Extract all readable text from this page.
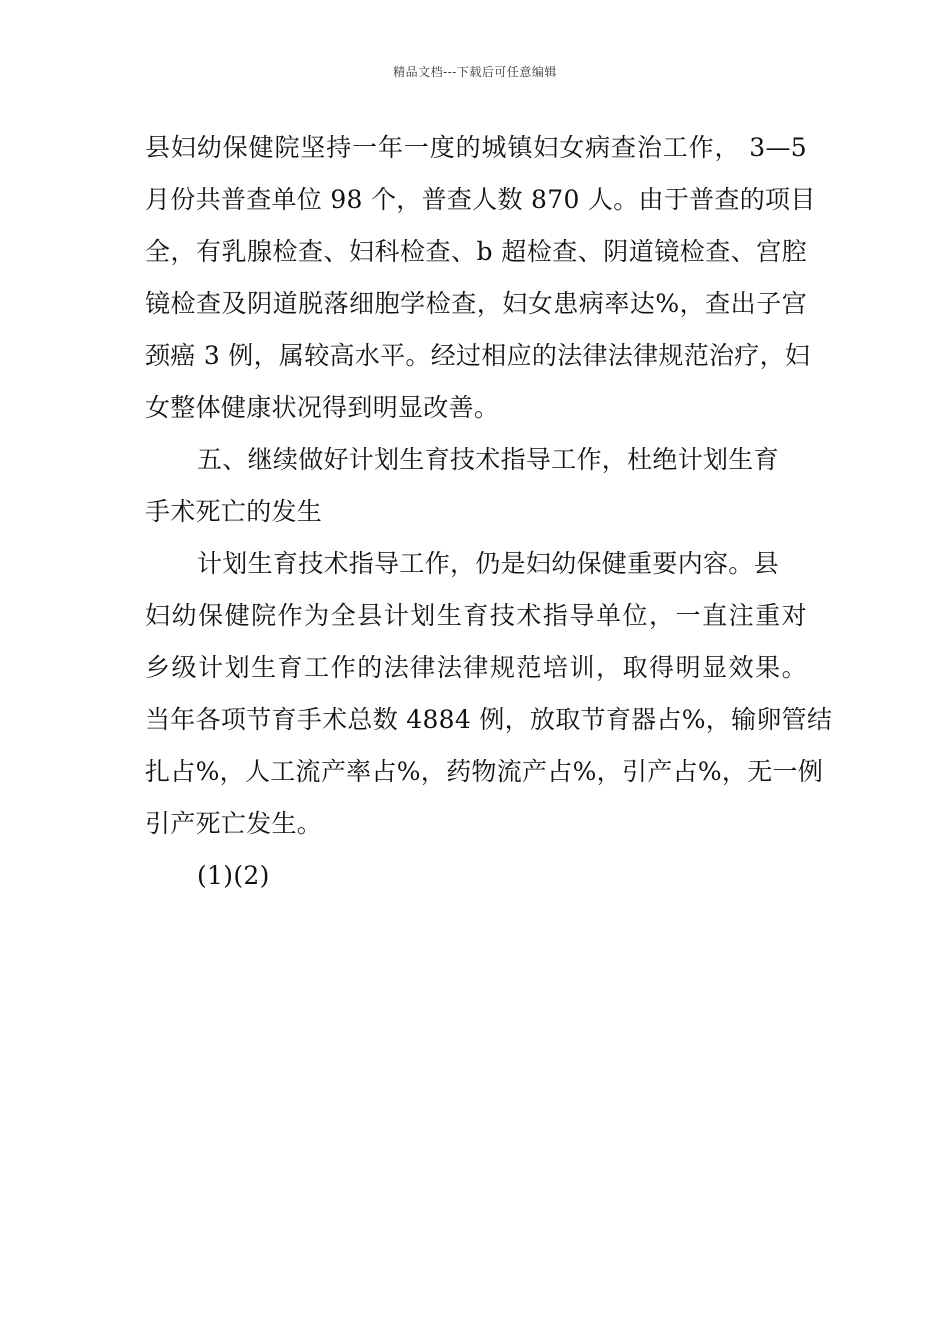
精品文档---下载后可任意编辑
县妇幼保健院坚持一年一度的城镇妇女病查治工作， 3—5
月份共普查单位 98 个，普查人数 870 人。由于普查的项目
全，有乳腺检查、妇科检查、b 超检查、阴道镜检查、宫腔
镜检查及阴道脱落细胞学检查，妇女患病率达%，查出子宫
颈癌 3 例，属较高水平。经过相应的法律法律规范治疗，妇
女整体健康状况得到明显改善。
五、继续做好计划生育技术指导工作，杜绝计划生育
手术死亡的发生
计划生育技术指导工作，仍是妇幼保健重要内容。县
妇幼保健院作为全县计划生育技术指导单位，一直注重对
乡级计划生育工作的法律法律规范培训，取得明显效果。
当年各项节育手术总数 4884 例，放取节育器占%，输卵管结
扎占%，人工流产率占%，药物流产占%，引产占%，无一例
引产死亡发生。
(1)(2)
